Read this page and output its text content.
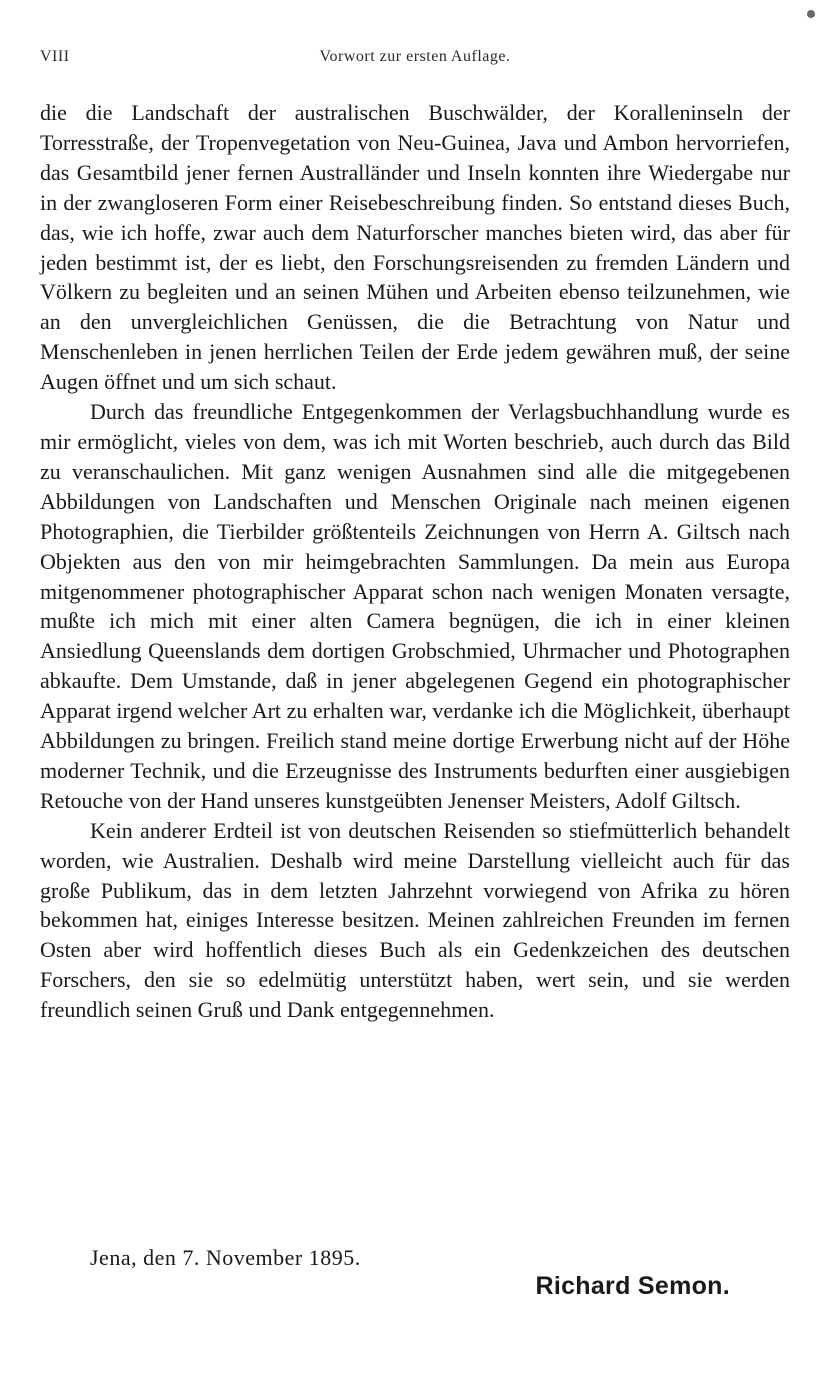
VIII	Vorwort zur ersten Auflage.

die die Landschaft der australischen Buschwälder, der Koralleninseln der Torresstraße, der Tropenvegetation von Neu-Guinea, Java und Ambon hervorriefen, das Gesamtbild jener fernen Australländer und Inseln konnten ihre Wiedergabe nur in der zwangloseren Form einer Reisebeschreibung finden. So entstand dieses Buch, das, wie ich hoffe, zwar auch dem Naturforscher manches bieten wird, das aber für jeden bestimmt ist, der es liebt, den Forschungsreisenden zu fremden Ländern und Völkern zu begleiten und an seinen Mühen und Arbeiten ebenso teilzunehmen, wie an den unvergleichlichen Genüssen, die die Betrachtung von Natur und Menschenleben in jenen herrlichen Teilen der Erde jedem gewähren muß, der seine Augen öffnet und um sich schaut.

Durch das freundliche Entgegenkommen der Verlagsbuchhandlung wurde es mir ermöglicht, vieles von dem, was ich mit Worten beschrieb, auch durch das Bild zu veranschaulichen. Mit ganz wenigen Ausnahmen sind alle die mitgegebenen Abbildungen von Landschaften und Menschen Originale nach meinen eigenen Photographien, die Tierbilder größtenteils Zeichnungen von Herrn A. Giltsch nach Objekten aus den von mir heimgebrachten Sammlungen. Da mein aus Europa mitgenommener photographischer Apparat schon nach wenigen Monaten versagte, mußte ich mich mit einer alten Camera begnügen, die ich in einer kleinen Ansiedlung Queenslands dem dortigen Grobschmied, Uhrmacher und Photographen abkaufte. Dem Umstande, daß in jener abgelegenen Gegend ein photographischer Apparat irgend welcher Art zu erhalten war, verdanke ich die Möglichkeit, überhaupt Abbildungen zu bringen. Freilich stand meine dortige Erwerbung nicht auf der Höhe moderner Technik, und die Erzeugnisse des Instruments bedurften einer ausgiebigen Retouche von der Hand unseres kunstgeübten Jenenser Meisters, Adolf Giltsch.

Kein anderer Erdteil ist von deutschen Reisenden so stiefmütterlich behandelt worden, wie Australien. Deshalb wird meine Darstellung vielleicht auch für das große Publikum, das in dem letzten Jahrzehnt vorwiegend von Afrika zu hören bekommen hat, einiges Interesse besitzen. Meinen zahlreichen Freunden im fernen Osten aber wird hoffentlich dieses Buch als ein Gedenkzeichen des deutschen Forschers, den sie so edelmütig unterstützt haben, wert sein, und sie werden freundlich seinen Gruß und Dank entgegennehmen.

Jena, den 7. November 1895.
Richard Semon.
